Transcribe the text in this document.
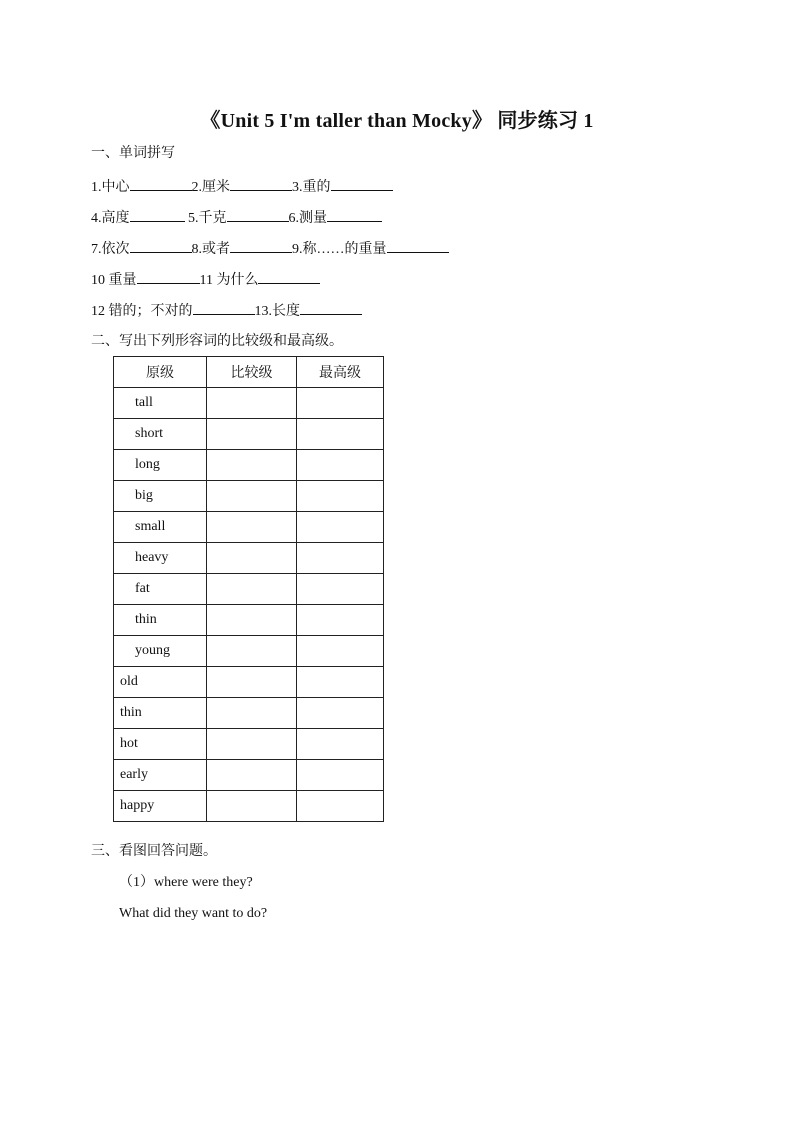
《Unit 5 I'm taller than Mocky》 同步练习 1
一、单词拼写
1.中心	2.厘米	3.重的
4.高度	5.千克	6.测量
7.依次	8.或者	9.称……的重量
10 重量	11 为什么
12 错的；不对的	13.长度
二、写出下列形容词的比较级和最高级。
原级	比较级	最高级
tall		
short		
long		
big		
small		
heavy		
fat		
thin		
young		
old		
thin		
hot		
early		
happy		
三、看图回答问题。
（1）where were they?
What did they want to do?
